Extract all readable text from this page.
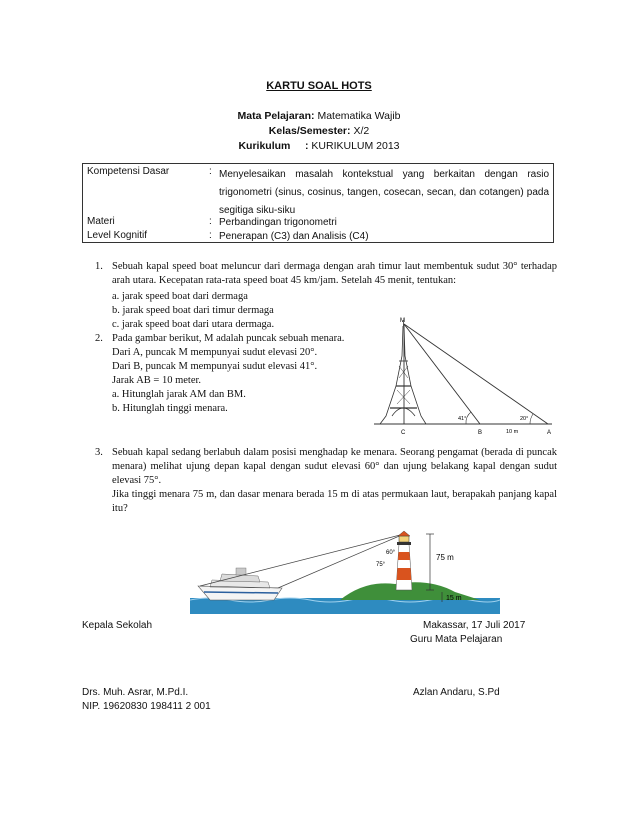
KARTU SOAL HOTS
Mata Pelajaran: Matematika Wajib
Kelas/Semester: X/2
Kurikulum : KURIKULUM 2013
Kompetensi Dasar	: Menyelesaikan masalah kontekstual yang berkaitan dengan rasio trigonometri (sinus, cosinus, tangen, cosecan, secan, dan cotangen) pada segitiga siku-siku
Materi	: Perbandingan trigonometri
Level Kognitif	: Penerapan (C3) dan Analisis (C4)
1. Sebuah kapal speed boat meluncur dari dermaga dengan arah timur laut membentuk sudut 30° terhadap arah utara. Kecepatan rata-rata speed boat 45 km/jam. Setelah 45 menit, tentukan:
a. jarak speed boat dari dermaga
b. jarak speed boat dari timur dermaga
c. jarak speed boat dari utara dermaga.
2. Pada gambar berikut, M adalah puncak sebuah menara.
Dari A, puncak M mempunyai sudut elevasi 20°.
Dari B, puncak M mempunyai sudut elevasi 41°.
Jarak AB = 10 meter.
a. Hitunglah jarak AM dan BM.
b. Hitunglah tinggi menara.
M
C	B	A
41°	20°
10 m
3. Sebuah kapal sedang berlabuh dalam posisi menghadap ke menara. Seorang pengamat (berada di puncak menara) melihat ujung depan kapal dengan sudut elevasi 60° dan ujung belakang kapal dengan sudut elevasi 75°.
Jika tinggi menara 75 m, dan dasar menara berada 15 m di atas permukaan laut, berapakah panjang kapal itu?
75 m
15 m
60°
75°
Kepala Sekolah	Makassar, 17 Juli 2017
Guru Mata Pelajaran
Drs. Muh. Asrar, M.Pd.I.	Azlan Andaru, S.Pd
NIP. 19620830 198411 2 001
